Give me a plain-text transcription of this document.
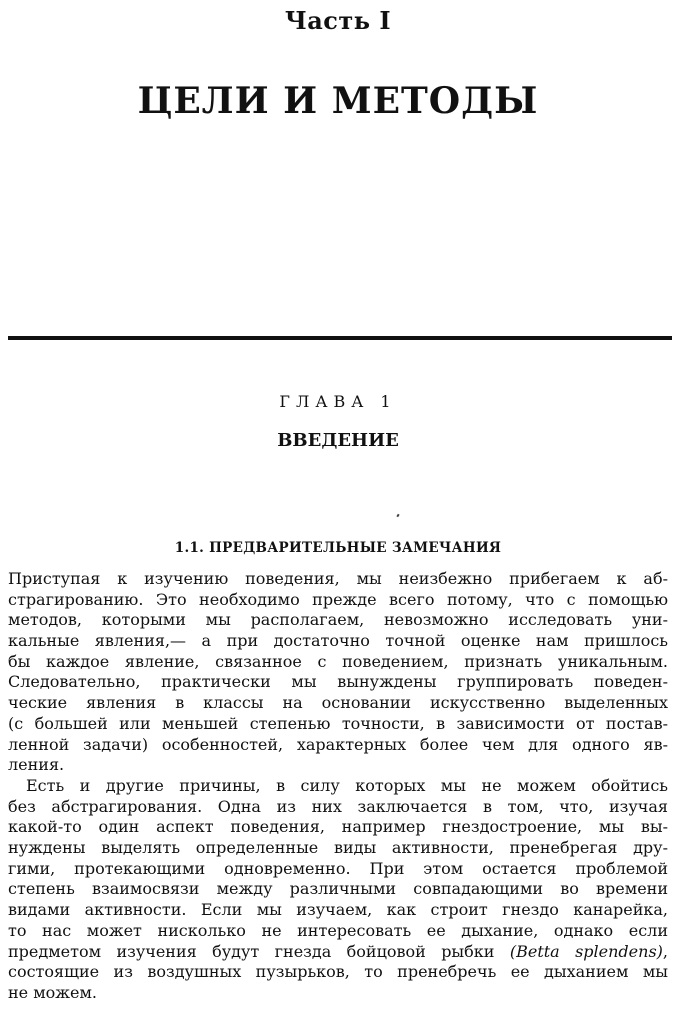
Часть I
ЦЕЛИ И МЕТОДЫ
ГЛАВА 1
ВВЕДЕНИЕ
1.1. ПРЕДВАРИТЕЛЬНЫЕ ЗАМЕЧАНИЯ
Приступая к изучению поведения, мы неизбежно прибегаем к аб-
страгированию. Это необходимо прежде всего потому, что с помощью
методов, которыми мы располагаем, невозможно исследовать уни-
кальные явления,— а при достаточно точной оценке нам пришлось
бы каждое явление, связанное с поведением, признать уникальным.
Следовательно, практически мы вынуждены группировать поведен-
ческие явления в классы на основании искусственно выделенных
(с большей или меньшей степенью точности, в зависимости от постав-
ленной задачи) особенностей, характерных более чем для одного яв-
ления.
Есть и другие причины, в силу которых мы не можем обойтись
без абстрагирования. Одна из них заключается в том, что, изучая
какой-то один аспект поведения, например гнездостроение, мы вы-
нуждены выделять определенные виды активности, пренебрегая дру-
гими, протекающими одновременно. При этом остается проблемой
степень взаимосвязи между различными совпадающими во времени
видами активности. Если мы изучаем, как строит гнездо канарейка,
то нас может нисколько не интересовать ее дыхание, однако если
предметом изучения будут гнезда бойцовой рыбки (Betta splendens),
состоящие из воздушных пузырьков, то пренебречь ее дыханием мы
не можем.
